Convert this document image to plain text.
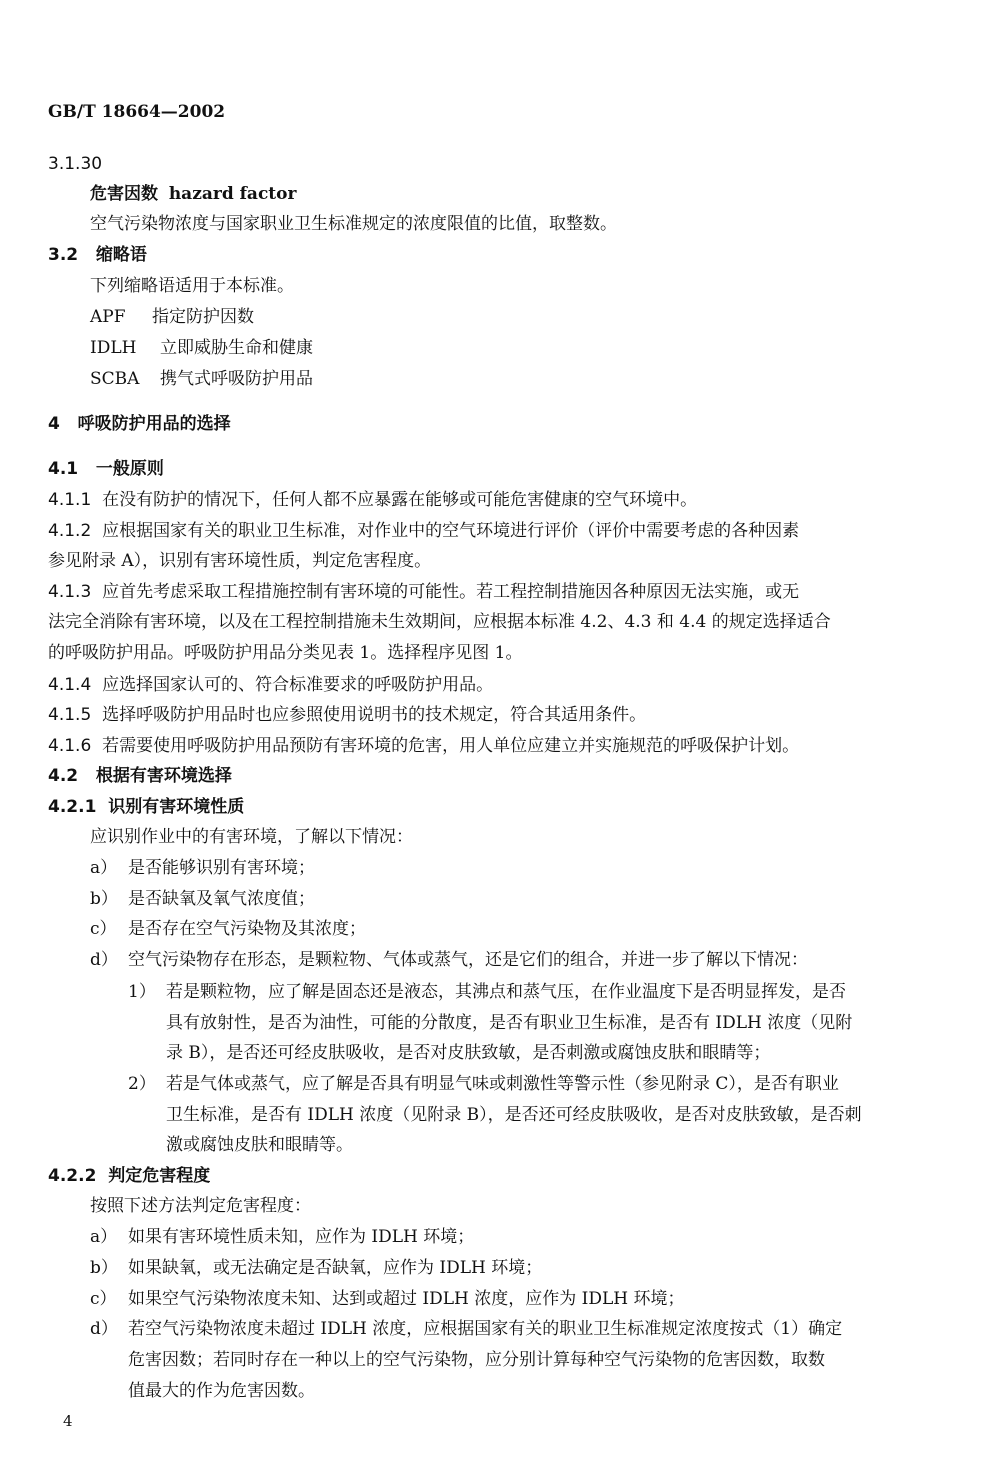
GB/T 18664—2002
3.1.30
危害因数 hazard factor
空气污染物浓度与国家职业卫生标准规定的浓度限值的比值，取整数。
3.2 缩略语
下列缩略语适用于本标准。
APF 指定防护因数
IDLH 立即威胁生命和健康
SCBA 携气式呼吸防护用品
4 呼吸防护用品的选择
4.1 一般原则
4.1.1 在没有防护的情况下，任何人都不应暴露在能够或可能危害健康的空气环境中。
4.1.2 应根据国家有关的职业卫生标准，对作业中的空气环境进行评价（评价中需要考虑的各种因素
参见附录 A），识别有害环境性质，判定危害程度。
4.1.3 应首先考虑采取工程措施控制有害环境的可能性。若工程控制措施因各种原因无法实施，或无
法完全消除有害环境，以及在工程控制措施未生效期间，应根据本标准 4.2、4.3 和 4.4 的规定选择适合
的呼吸防护用品。呼吸防护用品分类见表 1。选择程序见图 1。
4.1.4 应选择国家认可的、符合标准要求的呼吸防护用品。
4.1.5 选择呼吸防护用品时也应参照使用说明书的技术规定，符合其适用条件。
4.1.6 若需要使用呼吸防护用品预防有害环境的危害，用人单位应建立并实施规范的呼吸保护计划。
4.2 根据有害环境选择
4.2.1 识别有害环境性质
应识别作业中的有害环境，了解以下情况：
a） 是否能够识别有害环境；
b） 是否缺氧及氧气浓度值；
c） 是否存在空气污染物及其浓度；
d） 空气污染物存在形态，是颗粒物、气体或蒸气，还是它们的组合，并进一步了解以下情况：
1） 若是颗粒物，应了解是固态还是液态，其沸点和蒸气压，在作业温度下是否明显挥发，是否
具有放射性，是否为油性，可能的分散度，是否有职业卫生标准，是否有 IDLH 浓度（见附
录 B），是否还可经皮肤吸收，是否对皮肤致敏，是否刺激或腐蚀皮肤和眼睛等；
2） 若是气体或蒸气，应了解是否具有明显气味或刺激性等警示性（参见附录 C），是否有职业
卫生标准，是否有 IDLH 浓度（见附录 B），是否还可经皮肤吸收，是否对皮肤致敏，是否刺
激或腐蚀皮肤和眼睛等。
4.2.2 判定危害程度
按照下述方法判定危害程度：
a） 如果有害环境性质未知，应作为 IDLH 环境；
b） 如果缺氧，或无法确定是否缺氧，应作为 IDLH 环境；
c） 如果空气污染物浓度未知、达到或超过 IDLH 浓度，应作为 IDLH 环境；
d） 若空气污染物浓度未超过 IDLH 浓度，应根据国家有关的职业卫生标准规定浓度按式（1）确定
危害因数；若同时存在一种以上的空气污染物，应分别计算每种空气污染物的危害因数，取数
值最大的作为危害因数。
4
